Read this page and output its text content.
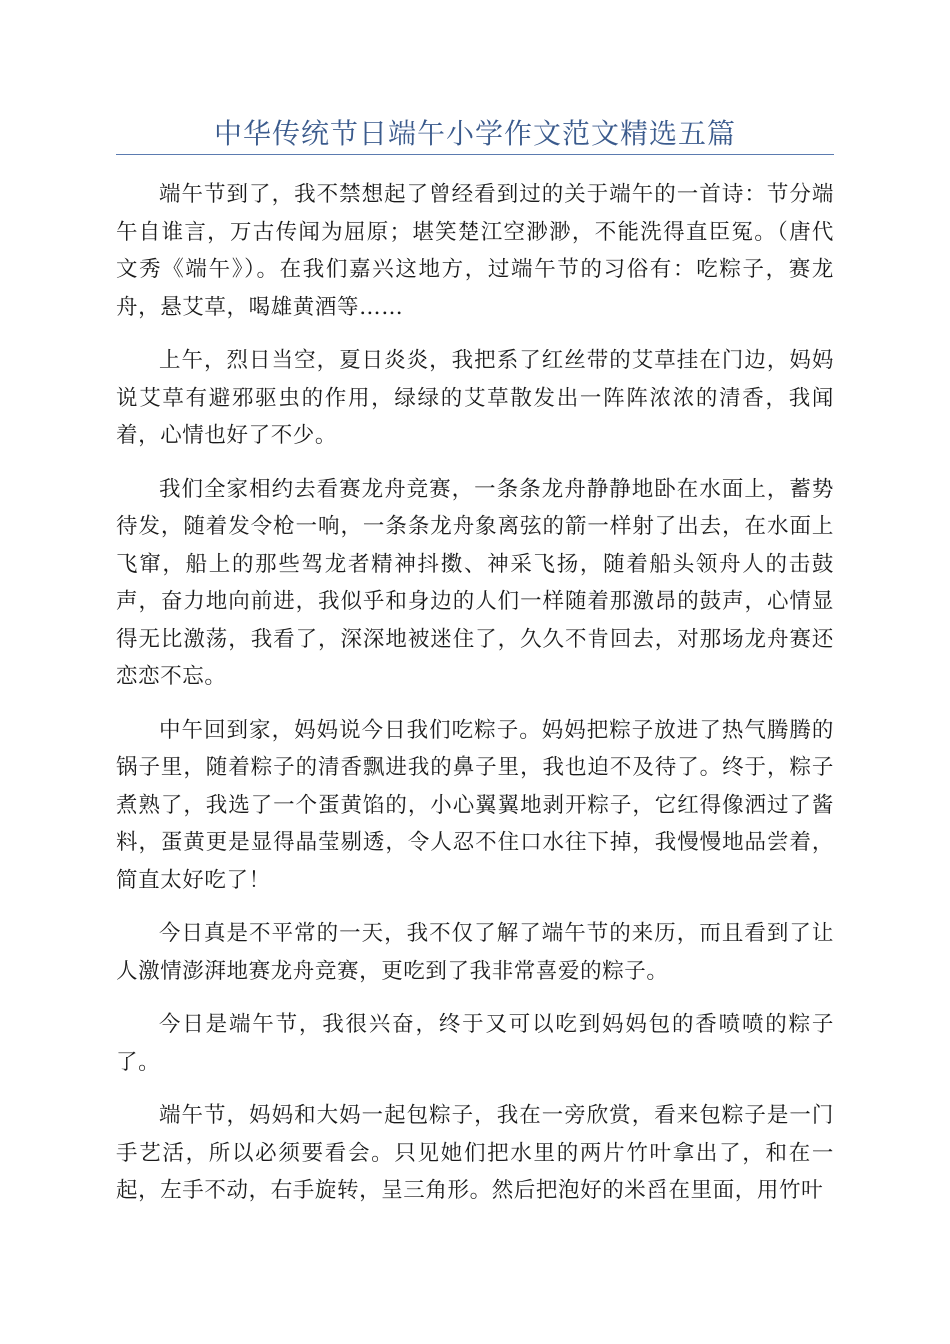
中华传统节日端午小学作文范文精选五篇

端午节到了，我不禁想起了曾经看到过的关于端午的一首诗：节分端午自谁言，万古传闻为屈原；堪笑楚江空渺渺，不能洗得直臣冤。（唐代文秀《端午》）。在我们嘉兴这地方，过端午节的习俗有：吃粽子，赛龙舟，悬艾草，喝雄黄酒等……

上午，烈日当空，夏日炎炎，我把系了红丝带的艾草挂在门边，妈妈说艾草有避邪驱虫的作用，绿绿的艾草散发出一阵阵浓浓的清香，我闻着，心情也好了不少。

我们全家相约去看赛龙舟竞赛，一条条龙舟静静地卧在水面上，蓄势待发，随着发令枪一响，一条条龙舟象离弦的箭一样射了出去，在水面上飞窜，船上的那些驾龙者精神抖擞、神采飞扬，随着船头领舟人的击鼓声，奋力地向前进，我似乎和身边的人们一样随着那激昂的鼓声，心情显得无比激荡，我看了，深深地被迷住了，久久不肯回去，对那场龙舟赛还恋恋不忘。

中午回到家，妈妈说今日我们吃粽子。妈妈把粽子放进了热气腾腾的锅子里，随着粽子的清香飘进我的鼻子里，我也迫不及待了。终于，粽子煮熟了，我选了一个蛋黄馅的，小心翼翼地剥开粽子，它红得像洒过了酱料，蛋黄更是显得晶莹剔透，令人忍不住口水往下掉，我慢慢地品尝着，简直太好吃了！

今日真是不平常的一天，我不仅了解了端午节的来历，而且看到了让人激情澎湃地赛龙舟竞赛，更吃到了我非常喜爱的粽子。

今日是端午节，我很兴奋，终于又可以吃到妈妈包的香喷喷的粽子了。

端午节，妈妈和大妈一起包粽子，我在一旁欣赏，看来包粽子是一门手艺活，所以必须要看会。只见她们把水里的两片竹叶拿出了，和在一起，左手不动，右手旋转，呈三角形。然后把泡好的米舀在里面，用竹叶
